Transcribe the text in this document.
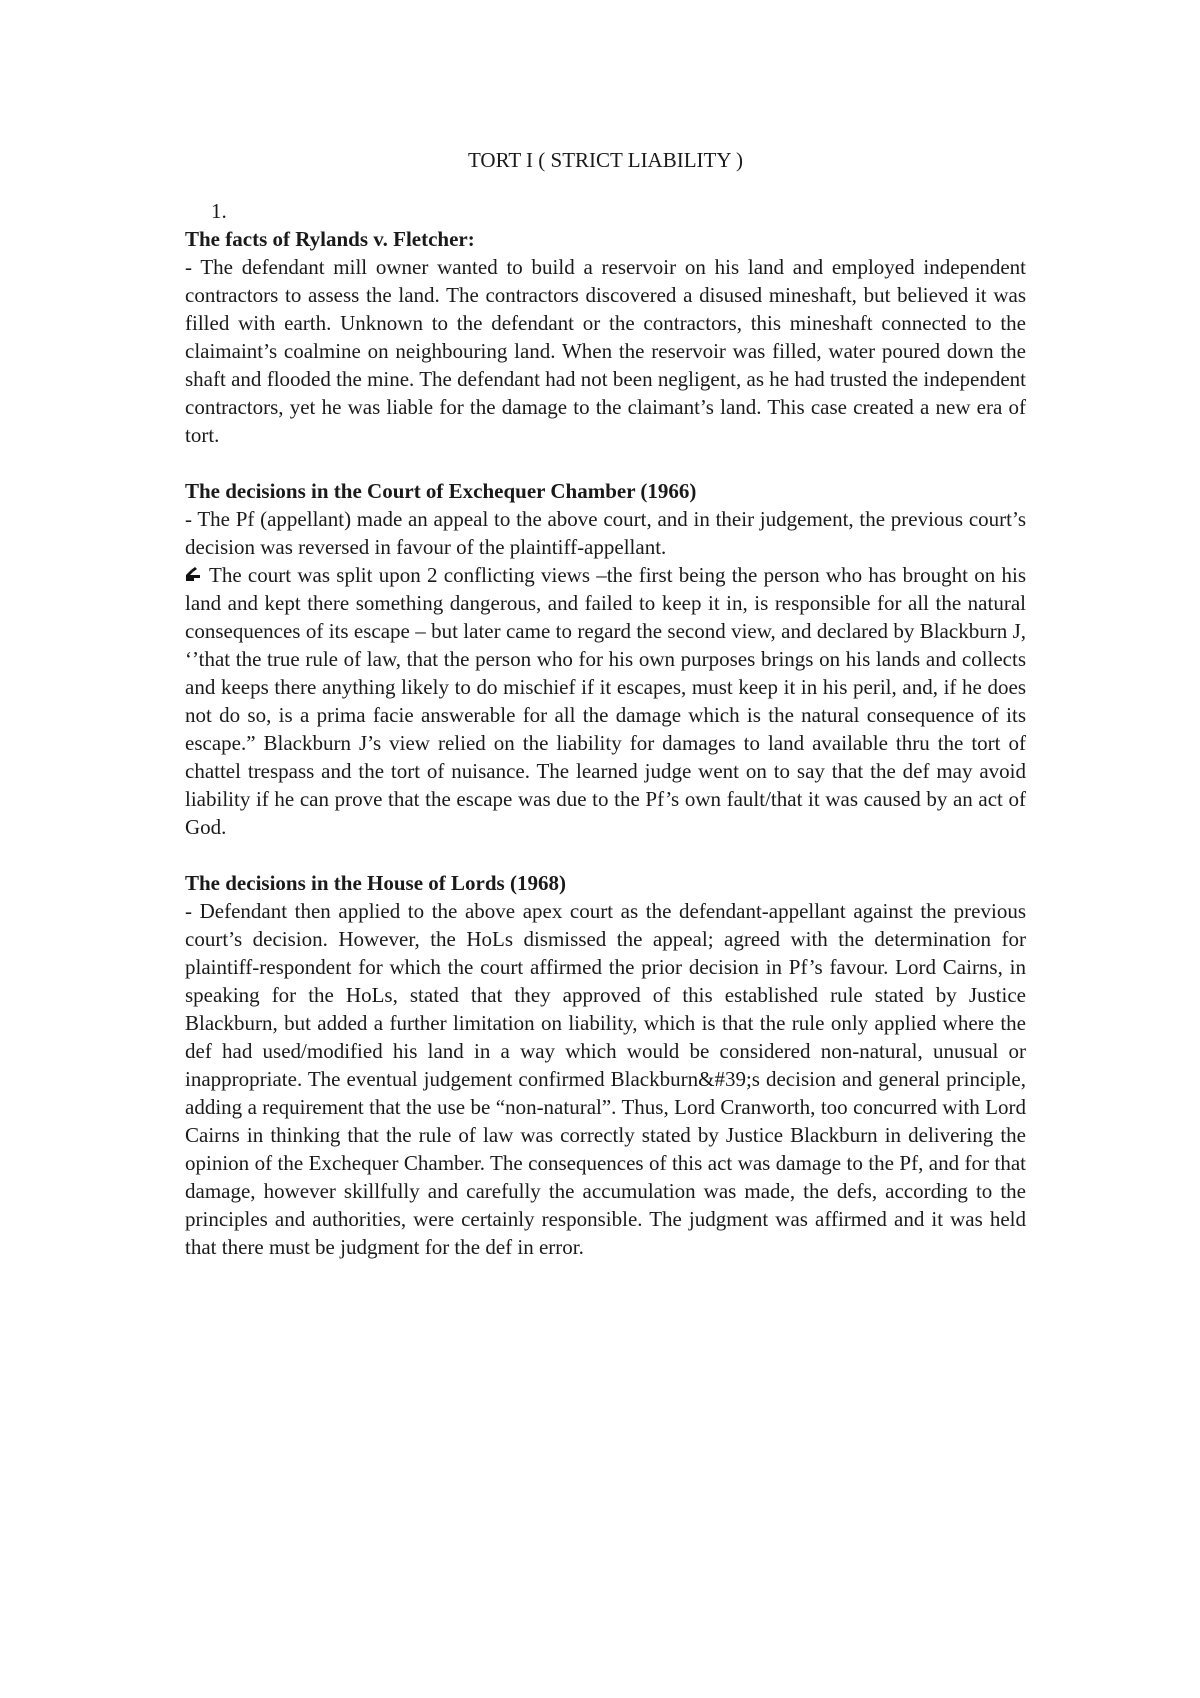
TORT I ( STRICT LIABILITY )

1.

The facts of Rylands v. Fletcher:

- The defendant mill owner wanted to build a reservoir on his land and employed independent contractors to assess the land. The contractors discovered a disused mineshaft, but believed it was filled with earth. Unknown to the defendant or the contractors, this mineshaft connected to the claimaint’s coalmine on neighbouring land. When the reservoir was filled, water poured down the shaft and flooded the mine. The defendant had not been negligent, as he had trusted the independent contractors, yet he was liable for the damage to the claimant’s land. This case created a new era of tort.

The decisions in the Court of Exchequer Chamber (1966)

- The Pf (appellant) made an appeal to the above court, and in their judgement, the previous court’s decision was reversed in favour of the plaintiff-appellant.

The court was split upon 2 conflicting views –the first being the person who has brought on his land and kept there something dangerous, and failed to keep it in, is responsible for all the natural consequences of its escape – but later came to regard the second view, and declared by Blackburn J, ‘’that the true rule of law, that the person who for his own purposes brings on his lands and collects and keeps there anything likely to do mischief if it escapes, must keep it in his peril, and, if he does not do so, is a prima facie answerable for all the damage which is the natural consequence of its escape.” Blackburn J’s view relied on the liability for damages to land available thru the tort of chattel trespass and the tort of nuisance. The learned judge went on to say that the def may avoid liability if he can prove that the escape was due to the Pf’s own fault/that it was caused by an act of God.

The decisions in the House of Lords (1968)

- Defendant then applied to the above apex court as the defendant-appellant against the previous court’s decision. However, the HoLs dismissed the appeal; agreed with the determination for plaintiff-respondent for which the court affirmed the prior decision in Pf’s favour. Lord Cairns, in speaking for the HoLs, stated that they approved of this established rule stated by Justice Blackburn, but added a further limitation on liability, which is that the rule only applied where the def had used/modified his land in a way which would be considered non-natural, unusual or inappropriate. The eventual judgement confirmed Blackburn&#39;s decision and general principle, adding a requirement that the use be “non-natural”. Thus, Lord Cranworth, too concurred with Lord Cairns in thinking that the rule of law was correctly stated by Justice Blackburn in delivering the opinion of the Exchequer Chamber. The consequences of this act was damage to the Pf, and for that damage, however skillfully and carefully the accumulation was made, the defs, according to the principles and authorities, were certainly responsible. The judgment was affirmed and it was held that there must be judgment for the def in error.
